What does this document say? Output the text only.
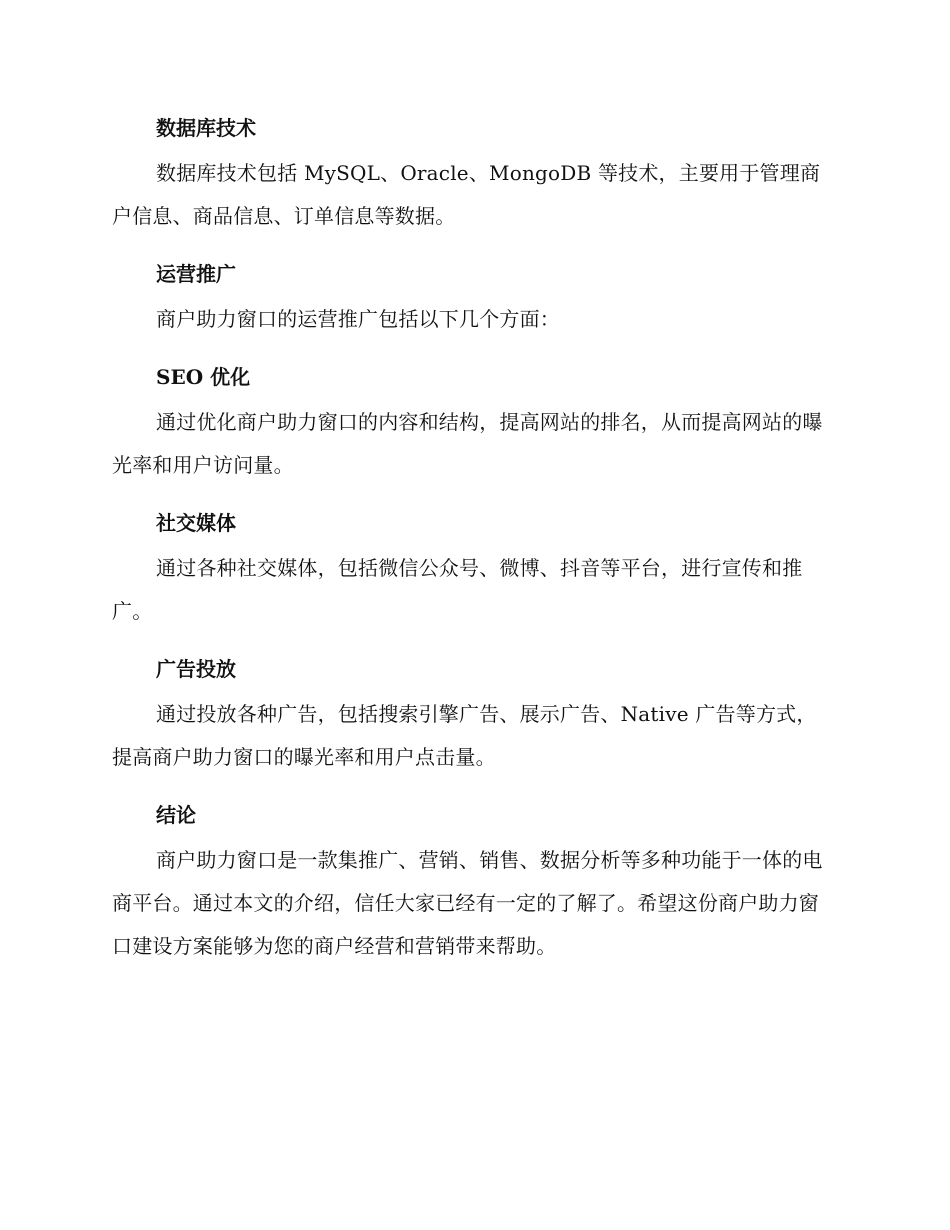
数据库技术

数据库技术包括 MySQL、Oracle、MongoDB 等技术，主要用于管理商户信息、商品信息、订单信息等数据。

运营推广

商户助力窗口的运营推广包括以下几个方面：

SEO 优化

通过优化商户助力窗口的内容和结构，提高网站的排名，从而提高网站的曝光率和用户访问量。

社交媒体

通过各种社交媒体，包括微信公众号、微博、抖音等平台，进行宣传和推广。

广告投放

通过投放各种广告，包括搜索引擎广告、展示广告、Native 广告等方式，提高商户助力窗口的曝光率和用户点击量。

结论

商户助力窗口是一款集推广、营销、销售、数据分析等多种功能于一体的电商平台。通过本文的介绍，信任大家已经有一定的了解了。希望这份商户助力窗口建设方案能够为您的商户经营和营销带来帮助。
